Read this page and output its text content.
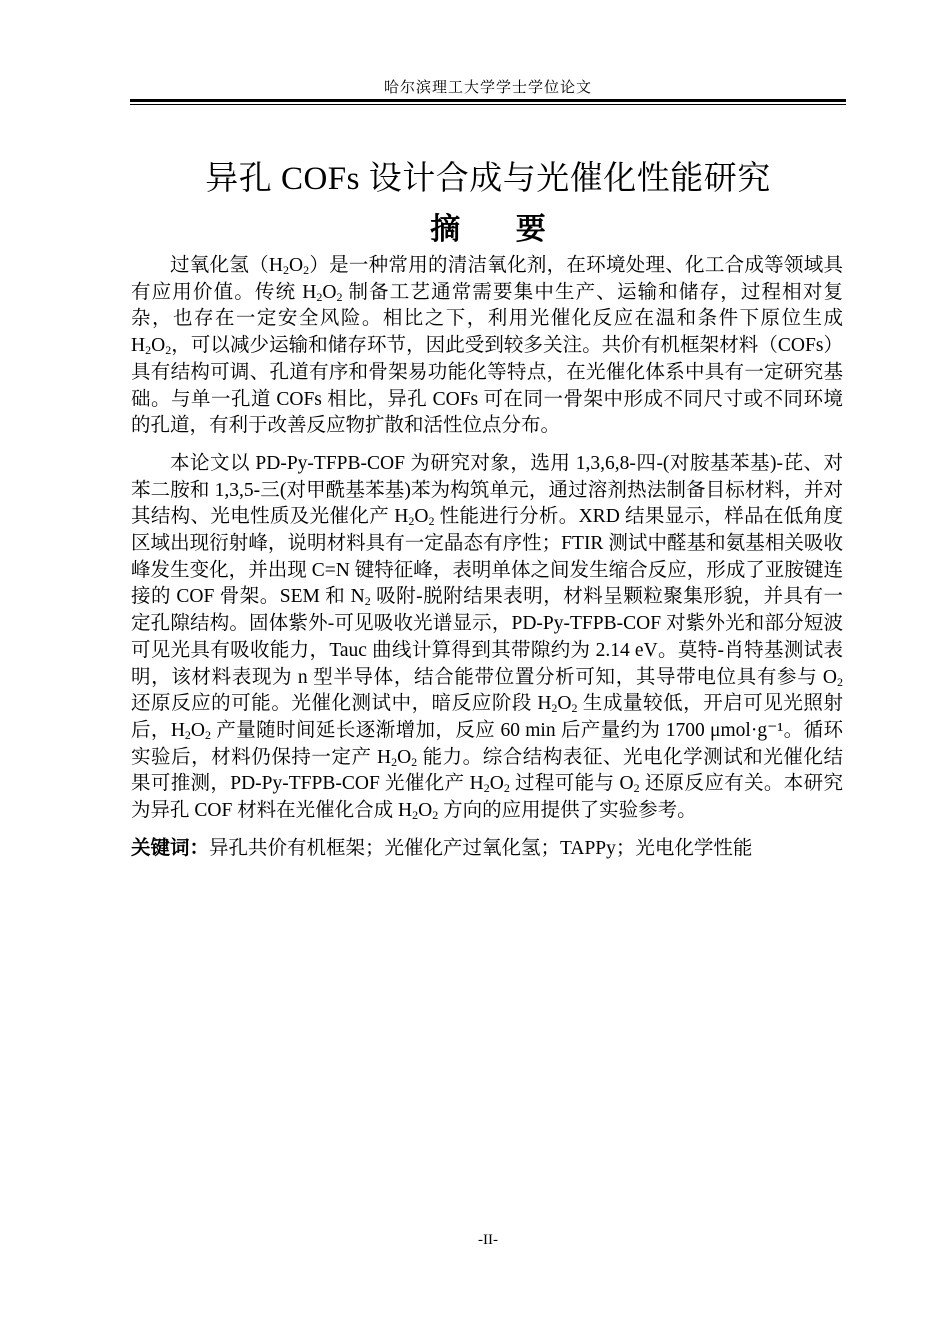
哈尔滨理工大学学士学位论文
异孔 COFs 设计合成与光催化性能研究
摘 要

过氧化氢$(H_2O_2)$是一种常用的清洁氧化剂，在环境处理、化工合成等领域具有应用价值。传统 $H_2O_2$ 制备工艺通常需要集中生产、运输和储存，过程相对复杂，也存在一定安全风险。相比之下，利用光催化反应在温和条件下原位生成 $H_2O_2$，可以减少运输和储存环节，因此受到较多关注。共价有机框架材料（COFs）具有结构可调、孔道有序和骨架易功能化等特点，在光催化体系中具有一定研究基础。与单一孔道 COFs 相比，异孔 COFs 可在同一骨架中形成不同尺寸或不同环境的孔道，有利于改善反应物扩散和活性位点分布。

本论文以 PD-Py-TFPB-COF 为研究对象，选用 1,3,6,8-四-(对胺基苯基)-芘、对苯二胺和 1,3,5-三(对甲酰基苯基)苯为构筑单元，通过溶剂热法制备目标材料，并对其结构、光电性质及光催化产 $H_2O_2$ 性能进行分析。XRD 结果显示，样品在低角度区域出现衍射峰，说明材料具有一定晶态有序性；FTIR 测试中醛基和氨基相关吸收峰发生变化，并出现 C=N 键特征峰，表明单体之间发生缩合反应，形成了亚胺键连接的 COF 骨架。SEM 和 $N_2$ 吸附-脱附结果表明，材料呈颗粒聚集形貌，并具有一定孔隙结构。固体紫外-可见吸收光谱显示，PD-Py-TFPB-COF 对紫外光和部分短波可见光具有吸收能力，Tauc 曲线计算得到其带隙约为 2.14 eV。莫特-肖特基测试表明，该材料表现为 n 型半导体，结合能带位置分析可知，其导带电位具有参与 $O_2$ 还原反应的可能。光催化测试中，暗反应阶段 $H_2O_2$ 生成量较低，开启可见光照射后，$H_2O_2$ 产量随时间延长逐渐增加，反应 60 min 后产量约为 1700 μmol·g⁻¹。循环实验后，材料仍保持一定产 $H_2O_2$ 能力。综合结构表征、光电化学测试和光催化结果可推测，PD-Py-TFPB-COF 光催化产 $H_2O_2$ 过程可能与 $O_2$ 还原反应有关。本研究为异孔 COF 材料在光催化合成 $H_2O_2$ 方向的应用提供了实验参考。

关键词：异孔共价有机框架；光催化产过氧化氢；TAPPy；光电化学性能
-II-
